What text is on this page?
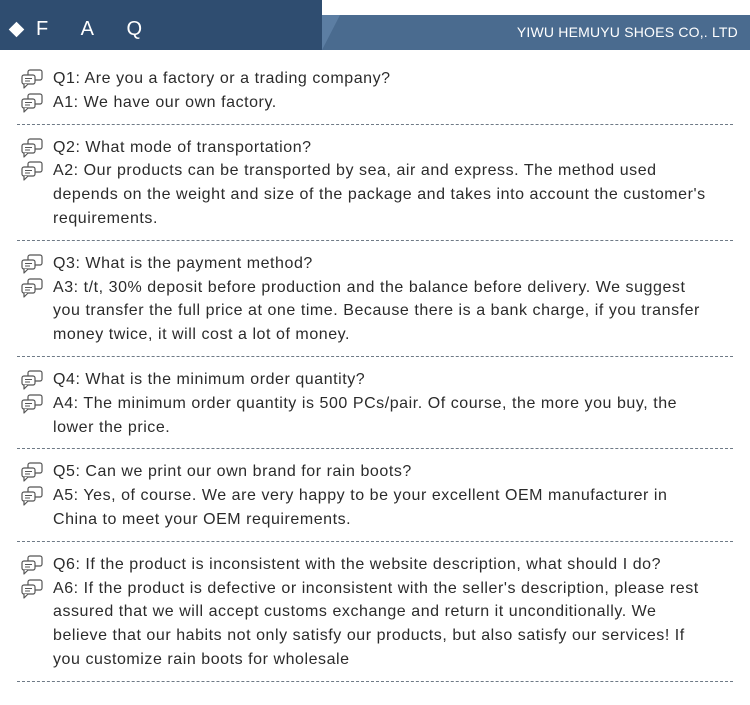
F A Q	YIWU HEMUYU SHOES CO,. LTD
Q1: Are you a factory or a trading company?
A1: We have our own factory.
Q2: What mode of transportation?
A2: Our products can be transported by sea, air and express. The method used depends on the weight and size of the package and takes into account the customer's requirements.
Q3: What is the payment method?
A3: t/t, 30% deposit before production and the balance before delivery. We suggest you transfer the full price at one time. Because there is a bank charge, if you transfer money twice, it will cost a lot of money.
Q4: What is the minimum order quantity?
A4: The minimum order quantity is 500 PCs/pair. Of course, the more you buy, the lower the price.
Q5: Can we print our own brand for rain boots?
A5: Yes, of course. We are very happy to be your excellent OEM manufacturer in China to meet your OEM requirements.
Q6: If the product is inconsistent with the website description, what should I do?
A6: If the product is defective or inconsistent with the seller's description, please rest assured that we will accept customs exchange and return it unconditionally. We believe that our habits not only satisfy our products, but also satisfy our services! If you customize rain boots for wholesale
